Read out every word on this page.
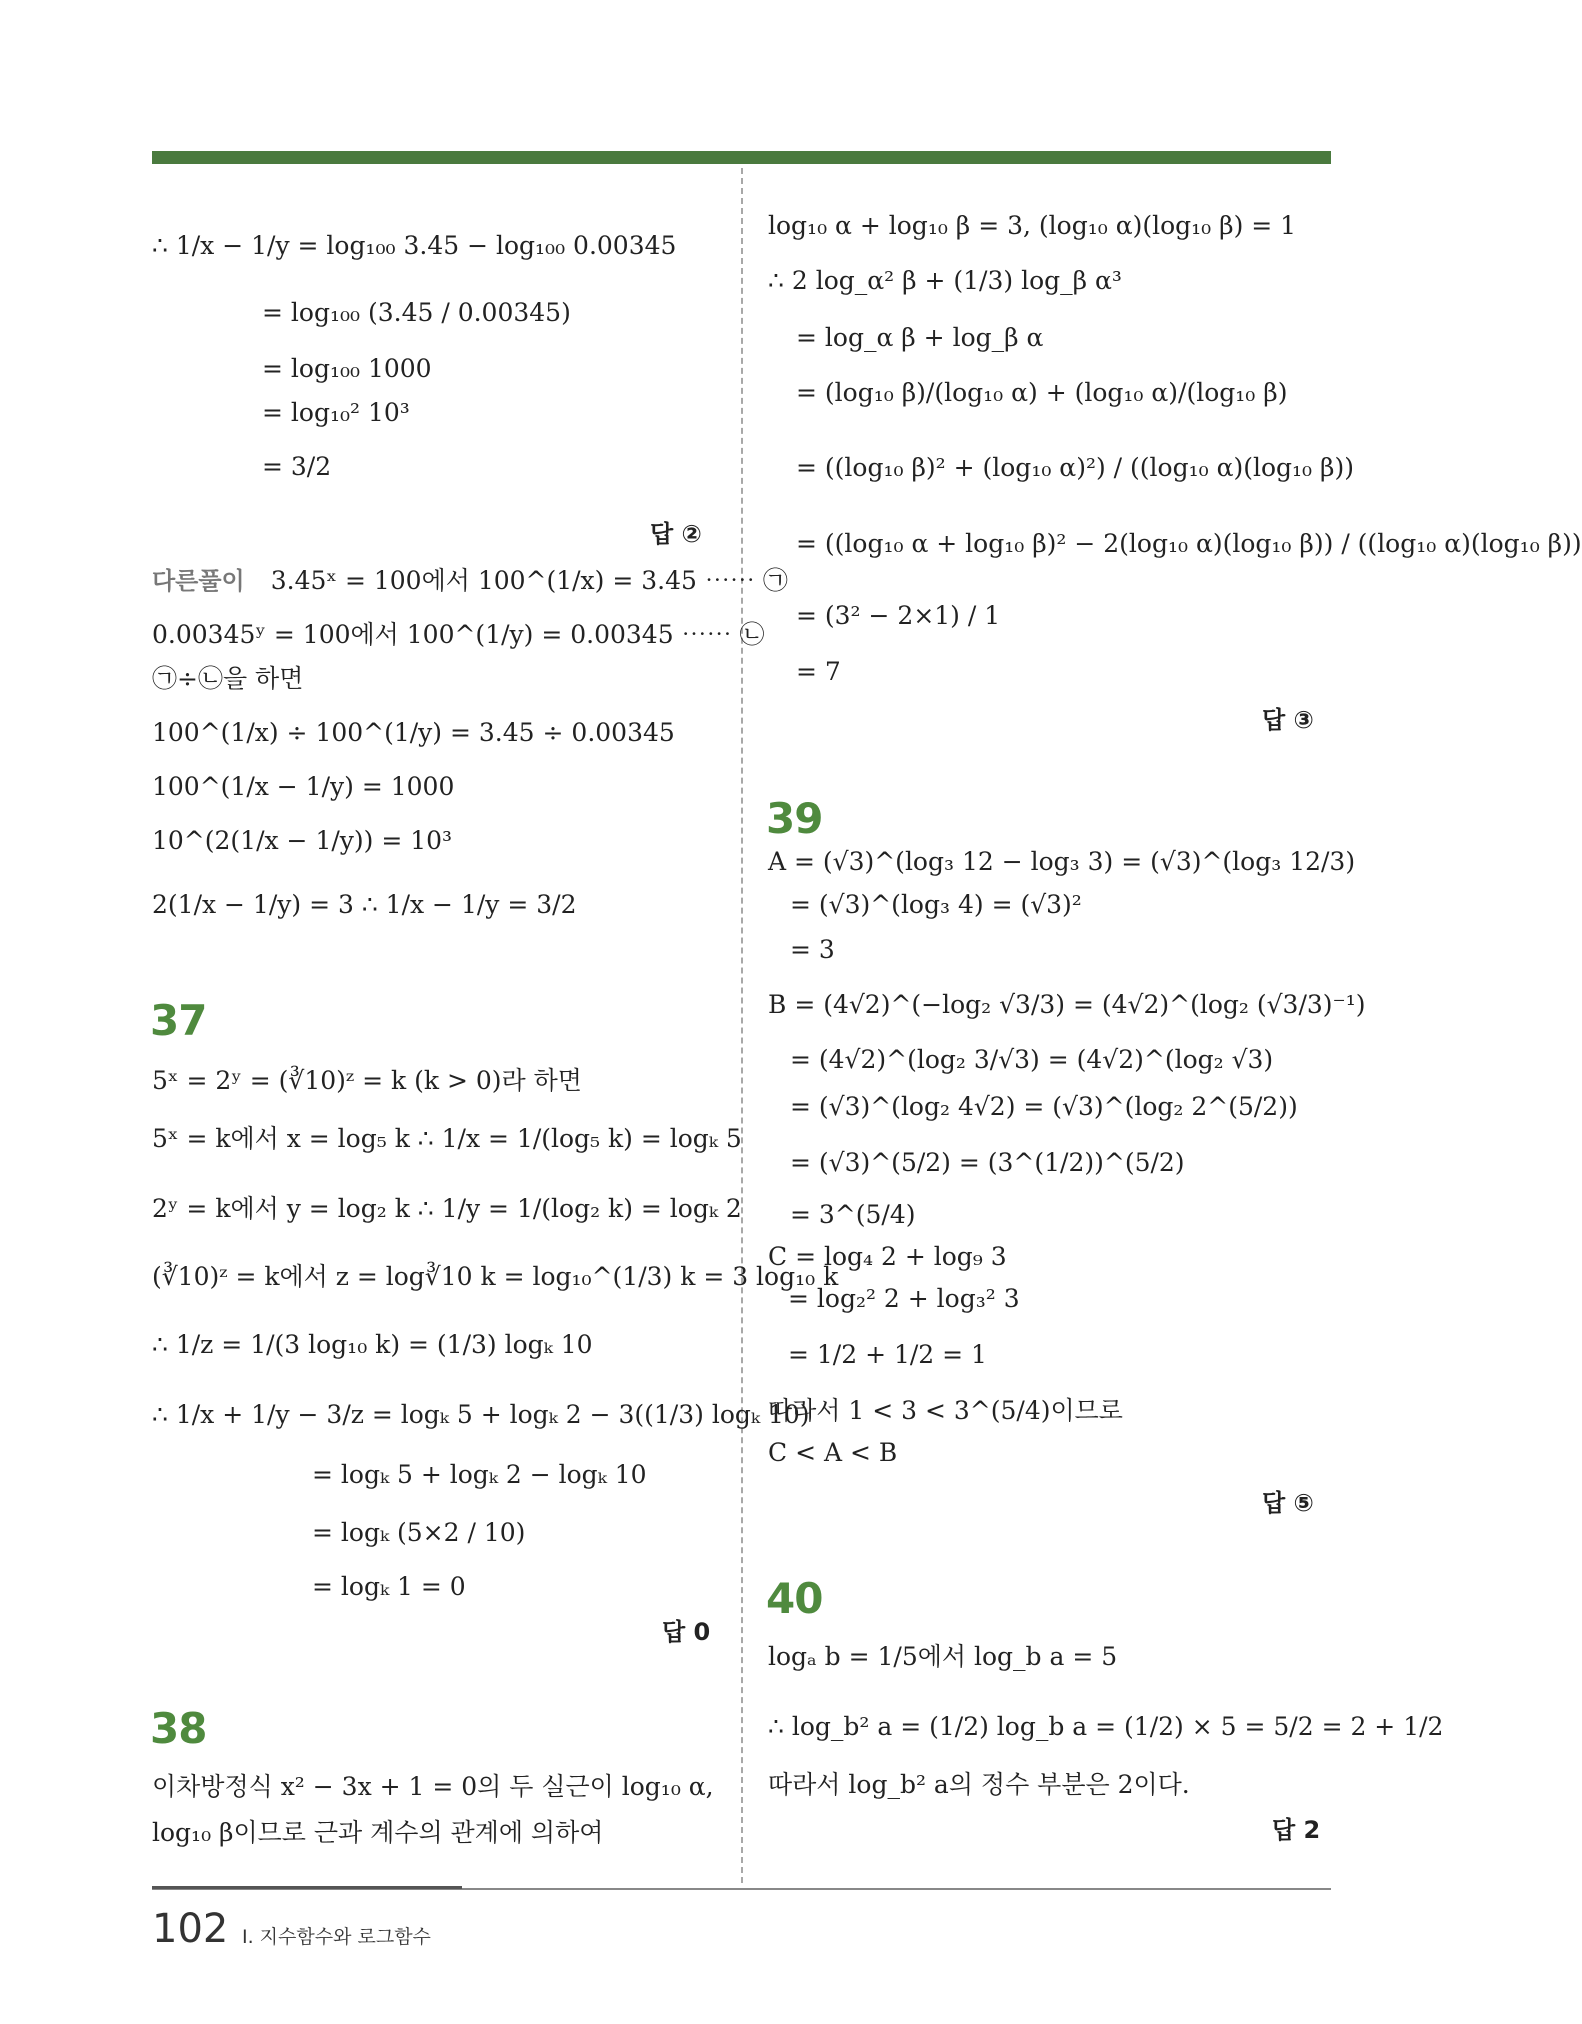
∴ 1/x − 1/y = log₁₀₀ 3.45 − log₁₀₀ 0.00345
= log₁₀₀ (3.45 / 0.00345)
= log₁₀₀ 1000
= log₁₀² 10³
= 3/2
답 ②
다른풀이 3.45ˣ = 100에서 100^(1/x) = 3.45 ⋯⋯ ㉠
0.00345ʸ = 100에서 100^(1/y) = 0.00345 ⋯⋯ ㉡
㉠÷㉡을 하면
100^(1/x) ÷ 100^(1/y) = 3.45 ÷ 0.00345
100^(1/x − 1/y) = 1000
10^(2(1/x − 1/y)) = 10³
2(1/x − 1/y) = 3 ∴ 1/x − 1/y = 3/2
37
5ˣ = 2ʸ = (∛10)ᶻ = k (k > 0)라 하면
5ˣ = k에서 x = log₅ k ∴ 1/x = 1/(log₅ k) = logₖ 5
2ʸ = k에서 y = log₂ k ∴ 1/y = 1/(log₂ k) = logₖ 2
(∛10)ᶻ = k에서 z = log∛10 k = log₁₀^(1/3) k = 3 log₁₀ k
∴ 1/z = 1/(3 log₁₀ k) = (1/3) logₖ 10
∴ 1/x + 1/y − 3/z = logₖ 5 + logₖ 2 − 3((1/3) logₖ 10)
= logₖ 5 + logₖ 2 − logₖ 10
= logₖ (5×2 / 10)
= logₖ 1 = 0
답 0
38
이차방정식 x² − 3x + 1 = 0의 두 실근이 log₁₀ α,
log₁₀ β이므로 근과 계수의 관계에 의하여
log₁₀ α + log₁₀ β = 3, (log₁₀ α)(log₁₀ β) = 1
∴ 2 log_α² β + (1/3) log_β α³
= log_α β + log_β α
= (log₁₀ β)/(log₁₀ α) + (log₁₀ α)/(log₁₀ β)
= ((log₁₀ β)² + (log₁₀ α)²) / ((log₁₀ α)(log₁₀ β))
= ((log₁₀ α + log₁₀ β)² − 2(log₁₀ α)(log₁₀ β)) / ((log₁₀ α)(log₁₀ β))
= (3² − 2×1) / 1
= 7
답 ③
39
A = (√3)^(log₃ 12 − log₃ 3) = (√3)^(log₃ 12/3)
= (√3)^(log₃ 4) = (√3)²
= 3
B = (4√2)^(−log₂ √3/3) = (4√2)^(log₂ (√3/3)⁻¹)
= (4√2)^(log₂ 3/√3) = (4√2)^(log₂ √3)
= (√3)^(log₂ 4√2) = (√3)^(log₂ 2^(5/2))
= (√3)^(5/2) = (3^(1/2))^(5/2)
= 3^(5/4)
C = log₄ 2 + log₉ 3
= log₂² 2 + log₃² 3
= 1/2 + 1/2 = 1
따라서 1 < 3 < 3^(5/4)이므로
C < A < B
답 ⑤
40
logₐ b = 1/5에서 log_b a = 5
∴ log_b² a = (1/2) log_b a = (1/2) × 5 = 5/2 = 2 + 1/2
따라서 log_b² a의 정수 부분은 2이다.
답 2
102 Ⅰ. 지수함수와 로그함수
